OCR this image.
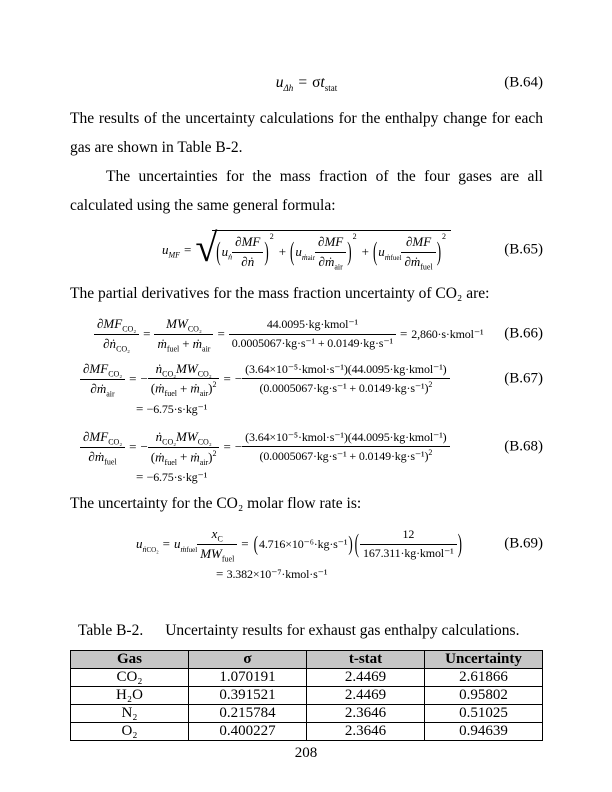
$u_{\Delta h} = \sigma t_{stat}$	(B.64)

The results of the uncertainty calculations for the enthalpy change for each gas are shown in Table B-2.

The uncertainties for the mass fraction of the four gases are all calculated using the same general formula:

$u_{MF}$ = √ ( $u_ṅ \frac{\partial MF}{\text{∂ṅ}} )^2$
+ ( $u_{ṁair} \frac{\partial MF}{\partial ṁ_{air}} )^2$
+ ( $u_{ṁfuel} \frac{\partial MF}{\partial ṁ_{fuel}} )^2$
(B.65)

The partial derivatives for the mass fraction uncertainty of CO₂ are:

$\frac{\partial MF_{CO_2}}{\partial ṅ_{CO_2}} = \frac{MW_{CO_2}}{ṁ_{fuel} + ṁ_{air}} = \frac{\text{44.0095·kg·kmol⁻¹}}{\text{0.0005067·kg·s⁻¹ + 0.0149·kg·s⁻¹}}$ = 2,860·s·kmol⁻¹ (B.66)
$\frac{\partial MF_{CO_2}}{\partial ṁ_{air}}$ = − $\frac{ṅ_{CO_2}MW_{CO_2}}{(ṁ_{fuel} + ṁ_{air})^2}$ = − $\frac{\text{(3.64×10⁻⁵·kmol·s⁻¹)(44.0095·kg·kmol⁻¹)}}{(0.0005067\cdot kg\cdot s^{-1} + 0.0149\cdot kg\cdot s^{-1})^2}$	(B.67)
= −6.75·s·kg⁻¹
$\frac{\partial MF_{CO_2}}{\partial ṁ_{fuel}}$ = − $\frac{ṅ_{CO_2}MW_{CO_2}}{(ṁ_{fuel} + ṁ_{air})^2}$ = − $\frac{\text{(3.64×10⁻⁵·kmol·s⁻¹)(44.0095·kg·kmol⁻¹)}}{(0.0005067\cdot kg\cdot s^{-1} + 0.0149\cdot kg\cdot s^{-1})^2}$	(B.68)
= −6.75·s·kg⁻¹

The uncertainty for the CO₂ molar flow rate is:

$u_{ṅCO_2} = u_{ṁfuel} \frac{x_C}{MW_{fuel}}$ = ( 4.716×10⁻⁶·kg·s⁻¹ ) ( $\frac{12}{\text{167.311·kg·kmol⁻¹}}$ )	(B.69)
= 3.382×10⁻⁷·kmol·s⁻¹
Table B-2. Uncertainty results for exhaust gas enthalpy calculations.
Gas	σ	t-stat	Uncertainty
CO₂	1.070191	2.4469	2.61866
H₂O	0.391521	2.4469	0.95802
N₂	0.215784	2.3646	0.51025
O₂	0.400227	2.3646	0.94639
208
